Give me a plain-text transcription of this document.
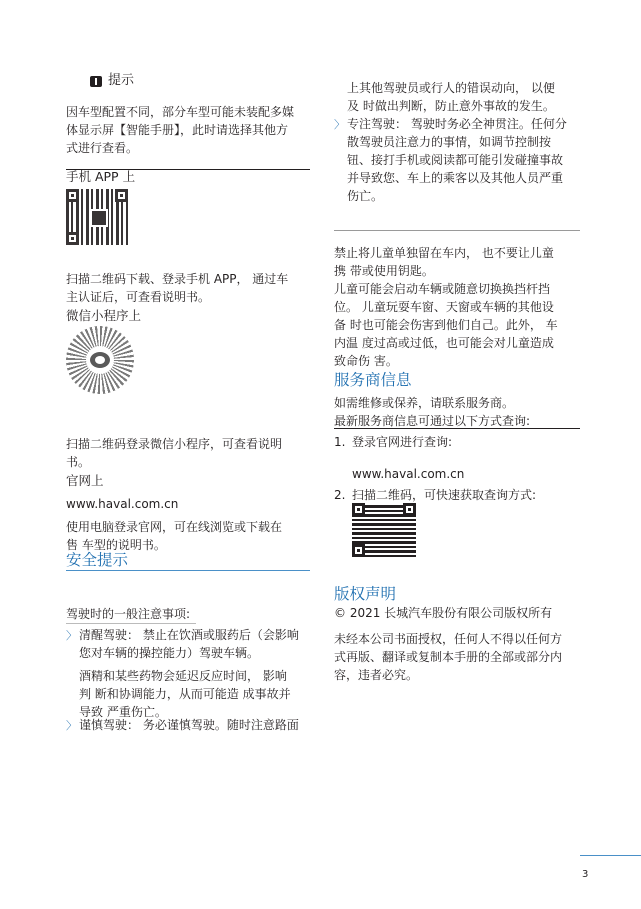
提示
因车型配置不同，部分车型可能未装配多媒
体显示屏【智能手册】，此时请选择其他方
式进行查看。
手机 APP 上
扫描二维码下载、登录手机 APP， 通过车
主认证后，可查看说明书。
微信小程序上
扫描二维码登录微信小程序，可查看说明
书。
官网上
www.haval.com.cn
使用电脑登录官网，可在线浏览或下载在
售 车型的说明书。
安全提示
驾驶时的一般注意事项:
〉 清醒驾驶： 禁止在饮酒或服药后（会影响
您对车辆的操控能力）驾驶车辆。
酒精和某些药物会延迟反应时间， 影响
判 断和协调能力，从而可能造 成事故并
导致 严重伤亡。
〉 谨慎驾驶： 务必谨慎驾驶。随时注意路面
上其他驾驶员或行人的错误动向， 以便
及 时做出判断，防止意外事故的发生。
〉 专注驾驶： 驾驶时务必全神贯注。任何分
散驾驶员注意力的事情，如调节控制按
钮、接打手机或阅读都可能引发碰撞事故
并导致您、车上的乘客以及其他人员严重
伤亡。
禁止将儿童单独留在车内， 也不要让儿童
携 带或使用钥匙。
儿童可能会启动车辆或随意切换换挡杆挡
位。 儿童玩耍车窗、天窗或车辆的其他设
备 时也可能会伤害到他们自己。此外， 车
内温 度过高或过低，也可能会对儿童造成
致命伤 害。
服务商信息
如需维修或保养，请联系服务商。
最新服务商信息可通过以下方式查询:
1. 登录官网进行查询:
www.haval.com.cn
2. 扫描二维码，可快速获取查询方式:
版权声明
© 2021 长城汽车股份有限公司版权所有
未经本公司书面授权，任何人不得以任何方
式再版、翻译或复制本手册的全部或部分内
容，违者必究。
3
